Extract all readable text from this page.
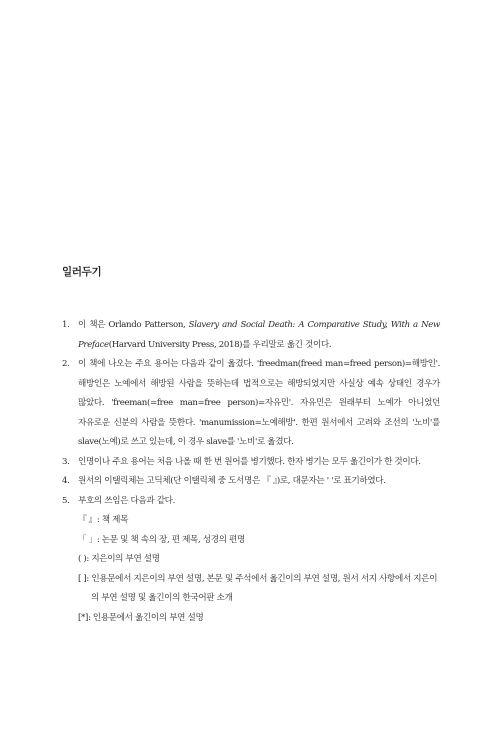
일러두기
1. 이 책은 Orlando Patterson, Slavery and Social Death: A Comparative Study, With a New Preface(Harvard University Press, 2018)를 우리말로 옮긴 것이다.
2. 이 책에 나오는 주요 용어는 다음과 같이 옮겼다. 'freedman(freed man=freed person)=해방인'. 해방인은 노예에서 해방된 사람을 뜻하는데 법적으로는 해방되었지만 사실상 예속 상태인 경우가 많았다. 'freeman(=free man=free person)=자유민'. 자유민은 원래부터 노예가 아니었던 자유로운 신분의 사람을 뜻한다. 'manumission=노예해방'. 한편 원서에서 고려와 조선의 '노비'를 slave(노예)로 쓰고 있는데, 이 경우 slave를 '노비'로 옮겼다.
3. 인명이나 주요 용어는 처음 나올 때 한 번 원어를 병기했다. 한자 병기는 모두 옮긴이가 한 것이다.
4. 원서의 이탤릭체는 고딕체(단 이탤릭체 중 도서명은 『 』)로, 대문자는 ' '로 표기하였다.
5. 부호의 쓰임은 다음과 같다.
『 』: 책 제목
「 」: 논문 및 책 속의 장, 편 제목, 성경의 편명
( ): 지은이의 부연 설명
[ ]: 인용문에서 지은이의 부연 설명, 본문 및 주석에서 옮긴이의 부연 설명, 원서 서지 사항에서 지은이의 부연 설명 및 옮긴이의 한국어판 소개
[*]: 인용문에서 옮긴이의 부연 설명
